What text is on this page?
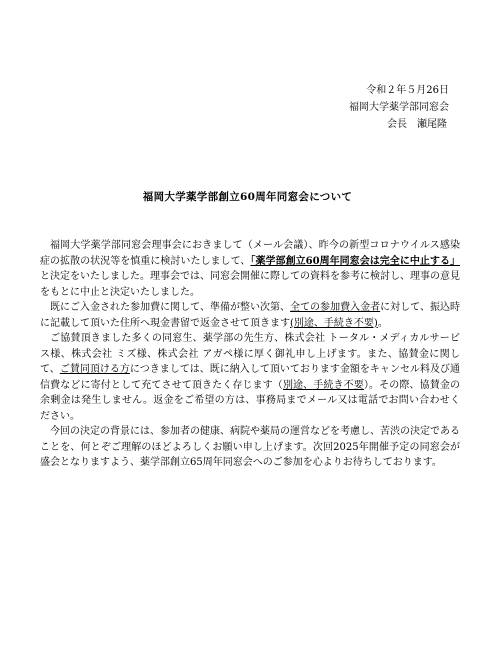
令和２年５月26日
福岡大学薬学部同窓会
会長　瀬尾隆
福岡大学薬学部創立60周年同窓会について

福岡大学薬学部同窓会理事会におきまして（メール会議）、昨今の新型コロナウイルス感染症の拡散の状況等を慎重に検討いたしまして、「薬学部創立60周年同窓会は完全に中止する」と決定をいたしました。理事会では、同窓会開催に際しての資料を参考に検討し、理事の意見をもとに中止と決定いたしました。

既にご入金された参加費に関して、準備が整い次第、全ての参加費入金者に対して、振込時に記載して頂いた住所へ現金書留で返金させて頂きます(別途、手続き不要)。

ご協賛頂きました多くの同窓生、薬学部の先生方、株式会社 トータル・メディカルサービス様、株式会社 ミズ様、株式会社 アガペ様に厚く御礼申し上げます。また、協賛金に関して、ご賛同頂ける方につきましては、既に納入して頂いております金額をキャンセル料及び通信費などに寄付として充てさせて頂きたく存じます（別途、手続き不要）。その際、協賛金の余剰金は発生しません。返金をご希望の方は、事務局までメール又は電話でお問い合わせください。

今回の決定の背景には、参加者の健康、病院や薬局の運営などを考慮し、苦渋の決定であることを、何とぞご理解のほどよろしくお願い申し上げます。次回2025年開催予定の同窓会が盛会となりますよう、薬学部創立65周年同窓会へのご参加を心よりお待ちしております。
